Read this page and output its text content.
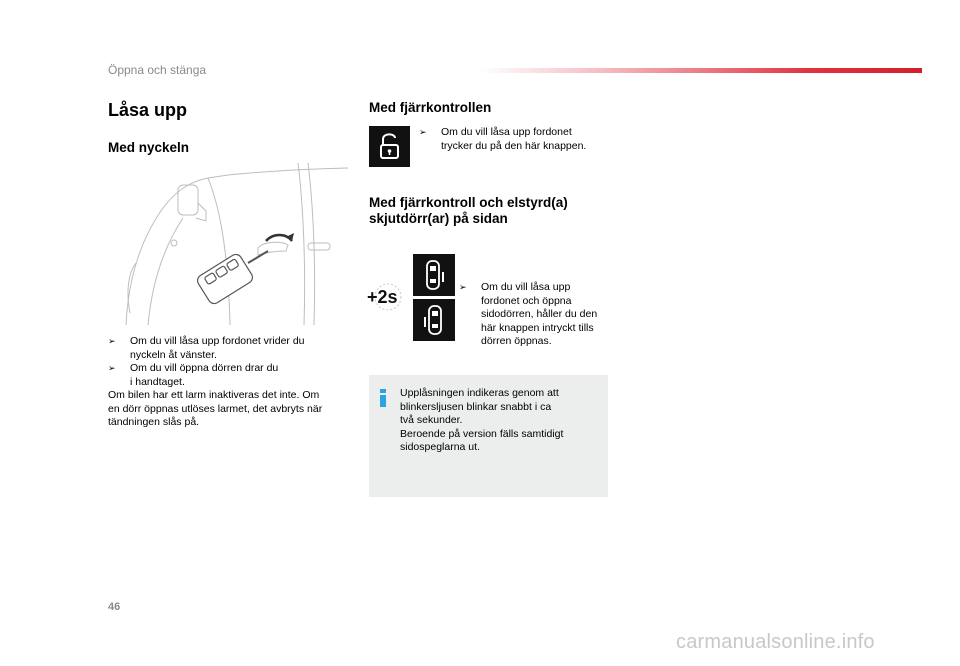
Öppna och stänga
Låsa upp
Med nyckeln
➢ Om du vill låsa upp fordonet vrider du
nyckeln åt vänster.
➢ Om du vill öppna dörren drar du
i handtaget.
Om bilen har ett larm inaktiveras det inte. Om
en dörr öppnas utlöses larmet, det avbryts när
tändningen slås på.
Med fjärrkontrollen
➢ Om du vill låsa upp fordonet
trycker du på den här knappen.
Med fjärrkontroll och elstyrd(a)
skjutdörr(ar) på sidan
+2s	➢ Om du vill låsa upp
fordonet och öppna
sidodörren, håller du den
här knappen intryckt tills
dörren öppnas.
Upplåsningen indikeras genom att
blinkersljusen blinkar snabbt i ca
två sekunder.
Beroende på version fälls samtidigt
sidospeglarna ut.
46
carmanualsonline.info
